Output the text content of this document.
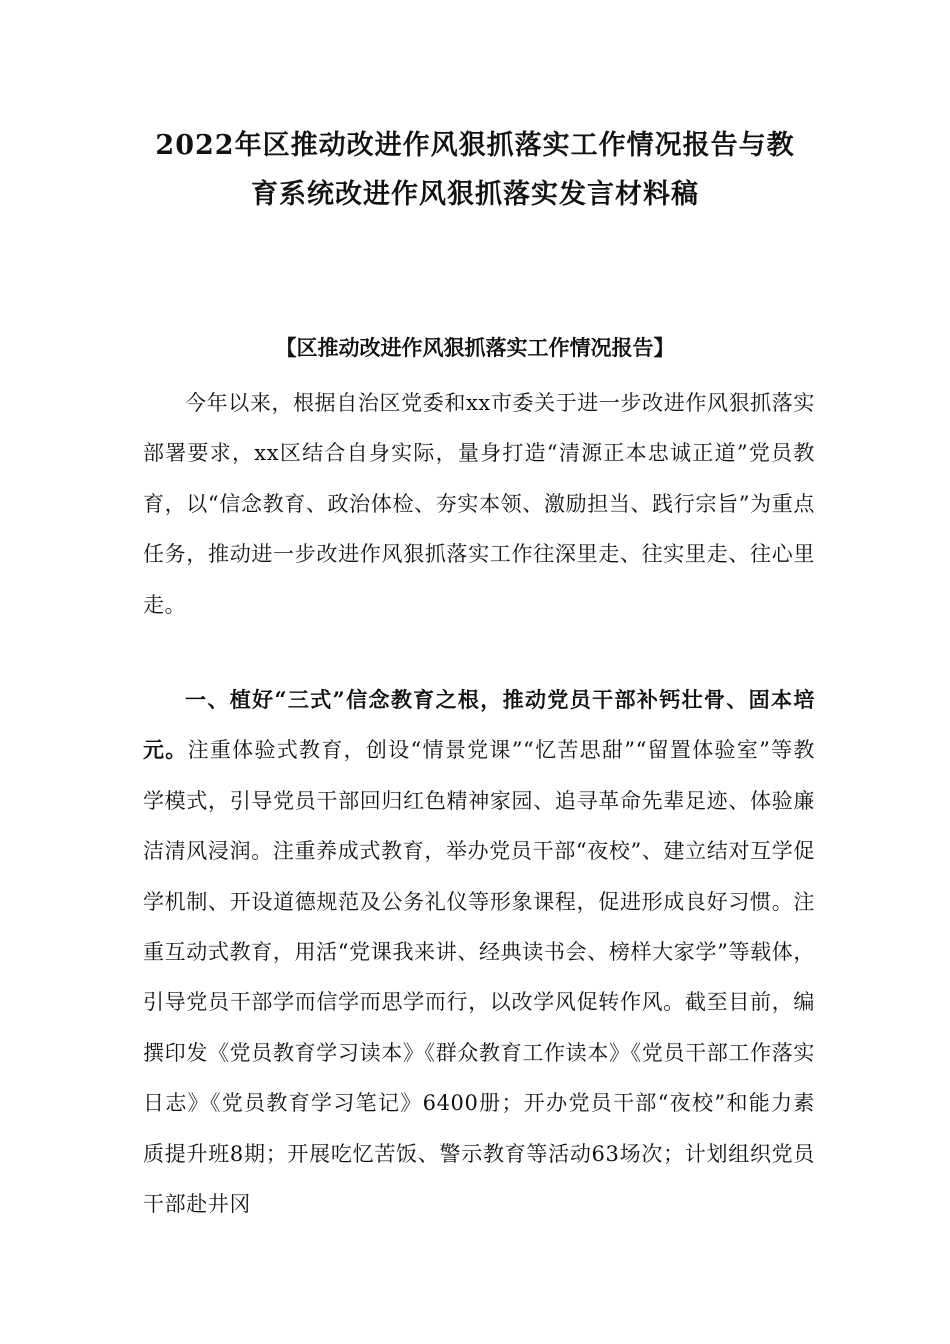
2022年区推动改进作风狠抓落实工作情况报告与教
育系统改进作风狠抓落实发言材料稿
【区推动改进作风狠抓落实工作情况报告】
今年以来，根据自治区党委和xx市委关于进一步改进作风狠抓落实部署要求，xx区结合自身实际，量身打造“清源正本忠诚正道”党员教育，以“信念教育、政治体检、夯实本领、激励担当、践行宗旨”为重点任务，推动进一步改进作风狠抓落实工作往深里走、往实里走、往心里走。
一、植好“三式”信念教育之根，推动党员干部补钙壮骨、固本培元。注重体验式教育，创设“情景党课”“忆苦思甜”“留置体验室”等教学模式，引导党员干部回归红色精神家园、追寻革命先辈足迹、体验廉洁清风浸润。注重养成式教育，举办党员干部“夜校”、建立结对互学促学机制、开设道德规范及公务礼仪等形象课程，促进形成良好习惯。注重互动式教育，用活“党课我来讲、经典读书会、榜样大家学”等载体，引导党员干部学而信学而思学而行，以改学风促转作风。截至目前，编撰印发《党员教育学习读本》《群众教育工作读本》《党员干部工作落实日志》《党员教育学习笔记》6400册；开办党员干部“夜校”和能力素质提升班8期；开展吃忆苦饭、警示教育等活动63场次；计划组织党员干部赴井冈
